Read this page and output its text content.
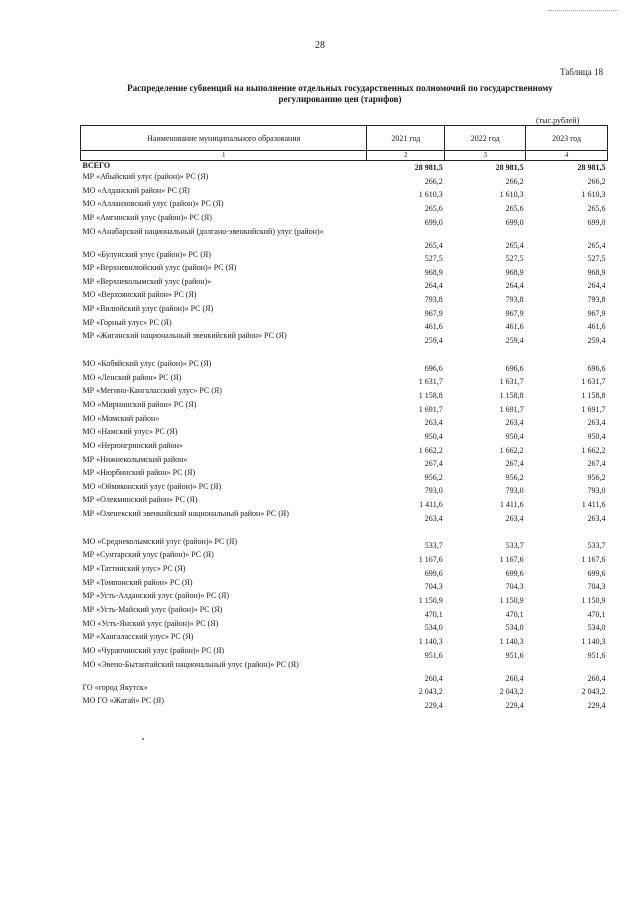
28
Таблица 18
Распределение субвенций на выполнение отдельных государственных полномочий по государственному
регулированию цен (тарифов)
(тыс.рублей)
Наименование муниципального образования	2021 год	2022 год	2023 год
1	2	3	4
ВСЕГО	28 981,5	28 981,5	28 981,5
МР «Абыйский улус (район)» РС (Я)	266,2	266,2	266,2
МО «Алданский район» РС (Я)	1 610,3	1 610,3	1 610,3
МО «Аллаиховский улус (район)» РС (Я)	265,6	265,6	265,6
МР «Амгинский улус (район)» РС (Я)	699,0	699,0	699,0
МО «Анабарский национальный (долгано-эвенкийский) улус (район)»	265,4	265,4	265,4
МО «Булунский улус (район)» РС (Я)	527,5	527,5	527,5
МР «Верхневилюйский улус (район)» РС (Я)	968,9	968,9	968,9
МР «Верхнеколымский улус (район)»	264,4	264,4	264,4
МО «Верхоянский район» РС (Я)	793,8	793,8	793,8
МР «Вилюйский улус (район)» РС (Я)	967,9	967,9	967,9
МР «Горный улус» РС (Я)	461,6	461,6	461,6
МР «Жиганский национальный эвенкийский район» РС (Я)	259,4	259,4	259,4

МО «Кобяйский улус (район)» РС (Я)	696,6	696,6	696,6
МО «Ленский район» РС (Я)	1 631,7	1 631,7	1 631,7
МР «Мегино-Кангаласский улус» РС (Я)	1 158,8	1 158,8	1 158,8
МО «Мирнинский район» РС (Я)	1 691,7	1 691,7	1 691,7
МО «Момский район»	263,4	263,4	263,4
МО «Намский улус» РС (Я)	950,4	950,4	950,4
МО «Нерюнгринский район»	1 662,2	1 662,2	1 662,2
МР «Нижнеколымский район»	267,4	267,4	267,4
МР «Нюрбинский район» РС (Я)	956,2	956,2	956,2
МО «Оймяконский улус (район)» РС (Я)	793,0	793,0	793,0
МР «Олекминский район» РС (Я)	1 411,6	1 411,6	1 411,6
МР «Оленекский эвенкийский национальный район» РС (Я)	263,4	263,4	263,4

МО «Среднеколымский улус (район)» РС (Я)	533,7	533,7	533,7
МР «Сунтарский улус (район)» РС (Я)	1 167,6	1 167,6	1 167,6
МР «Таттинский улус» РС (Я)	699,6	699,6	699,6
МР «Томпонский район» РС (Я)	704,3	704,3	704,3
МР «Усть-Алданский улус (район)» РС (Я)	1 150,9	1 150,9	1 150,9
МР «Усть-Майский улус (район)» РС (Я)	470,1	470,1	470,1
МО «Усть-Янский улус (район)» РС (Я)	534,0	534,0	534,0
МР «Хангаласский улус» РС (Я)	1 140,3	1 140,3	1 140,3
МО «Чурапчинский улус (район)» РС (Я)	951,6	951,6	951,6
МО «Эвено-Бытантайский национальный улус (район)» РС (Я)	260,4	260,4	260,4
ГО «город Якутск»	2 043,2	2 043,2	2 043,2
МО ГО «Жатай» РС (Я)	229,4	229,4	229,4
